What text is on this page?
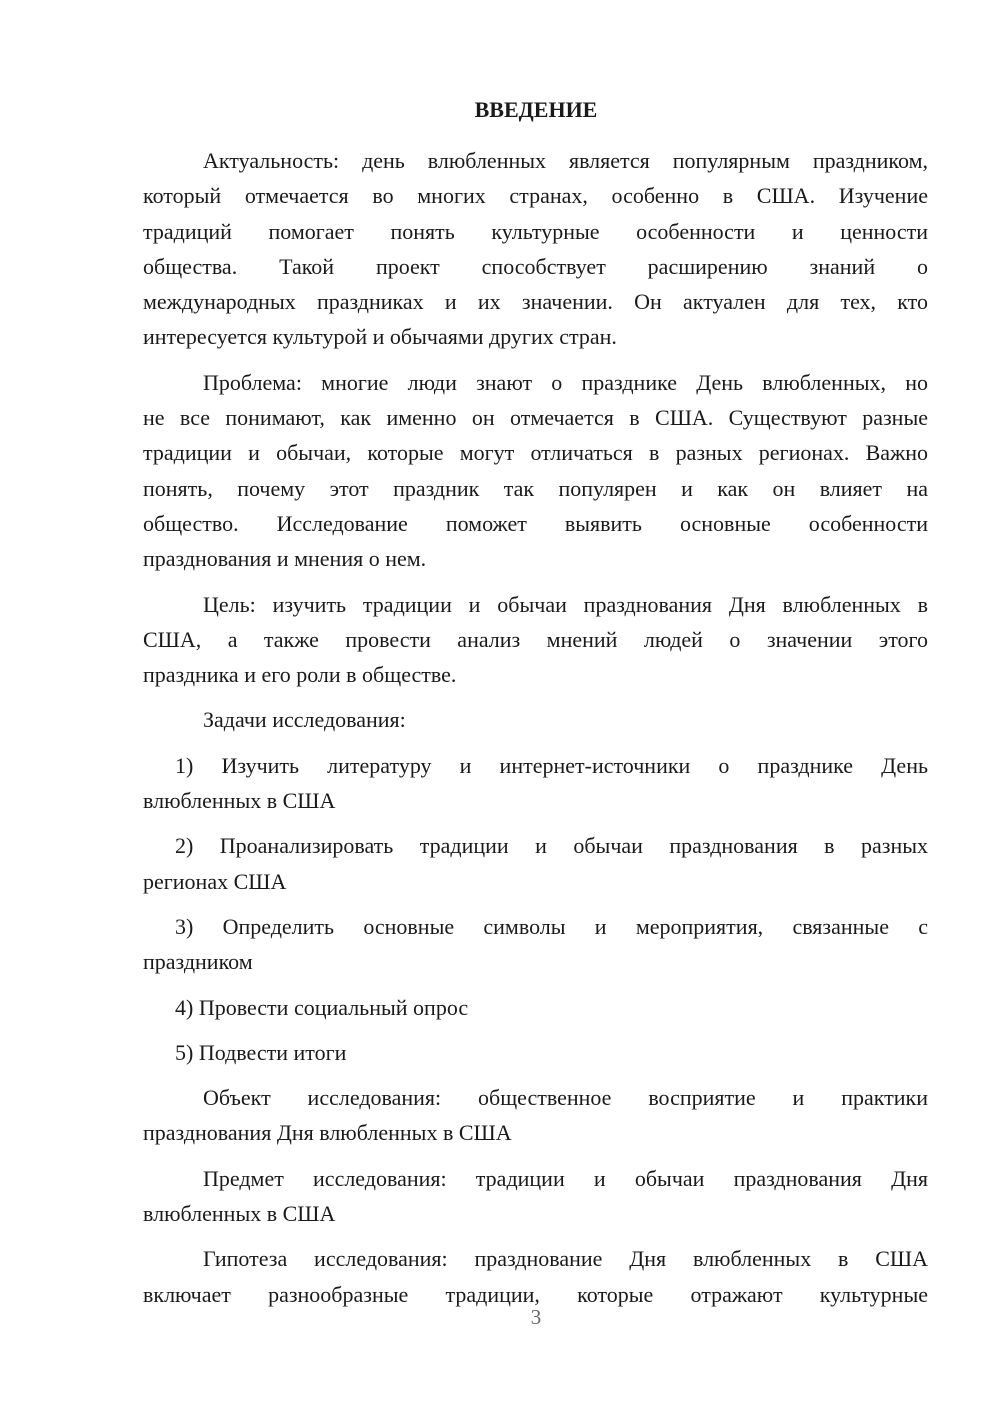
ВВЕДЕНИЕ
Актуальность: день влюбленных является популярным праздником,
который отмечается во многих странах, особенно в США. Изучение
традиций помогает понять культурные особенности и ценности
общества. Такой проект способствует расширению знаний о
международных праздниках и их значении. Он актуален для тех, кто
интересуется культурой и обычаями других стран.
Проблема: многие люди знают о празднике День влюбленных, но
не все понимают, как именно он отмечается в США. Существуют разные
традиции и обычаи, которые могут отличаться в разных регионах. Важно
понять, почему этот праздник так популярен и как он влияет на
общество. Исследование поможет выявить основные особенности
празднования и мнения о нем.
Цель: изучить традиции и обычаи празднования Дня влюбленных в
США, а также провести анализ мнений людей о значении этого
праздника и его роли в обществе.
Задачи исследования:
1) Изучить литературу и интернет-источники о празднике День
влюбленных в США
2) Проанализировать традиции и обычаи празднования в разных
регионах США
3) Определить основные символы и мероприятия, связанные с
праздником
4) Провести социальный опрос
5) Подвести итоги
Объект исследования: общественное восприятие и практики
празднования Дня влюбленных в США
Предмет исследования: традиции и обычаи празднования Дня
влюбленных в США
Гипотеза исследования: празднование Дня влюбленных в США
включает разнообразные традиции, которые отражают культурные
3
